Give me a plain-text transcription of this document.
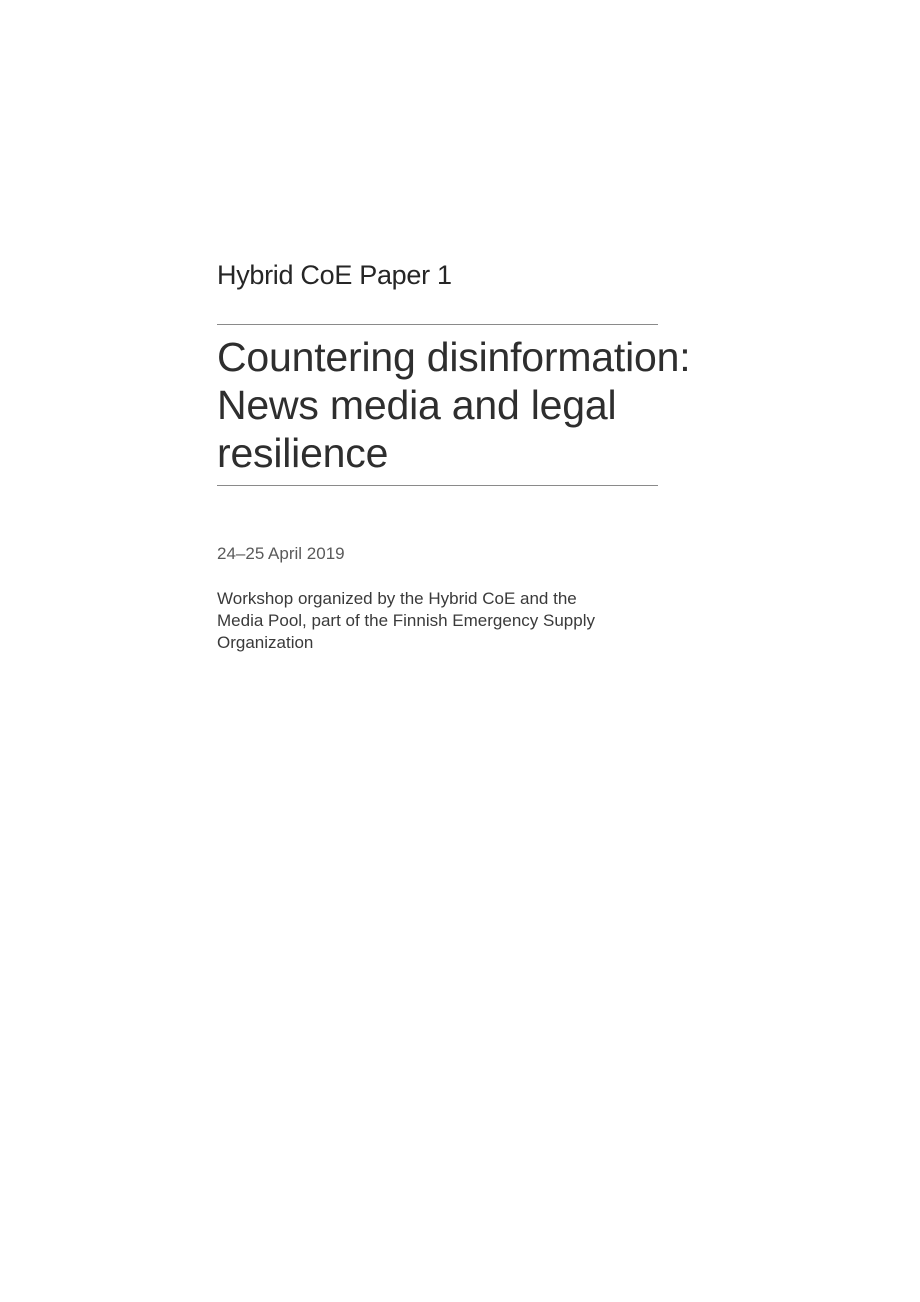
Hybrid CoE Paper 1
Countering disinformation:
News media and legal
resilience
24–25 April 2019
Workshop organized by the Hybrid CoE and the
Media Pool, part of the Finnish Emergency Supply
Organization
